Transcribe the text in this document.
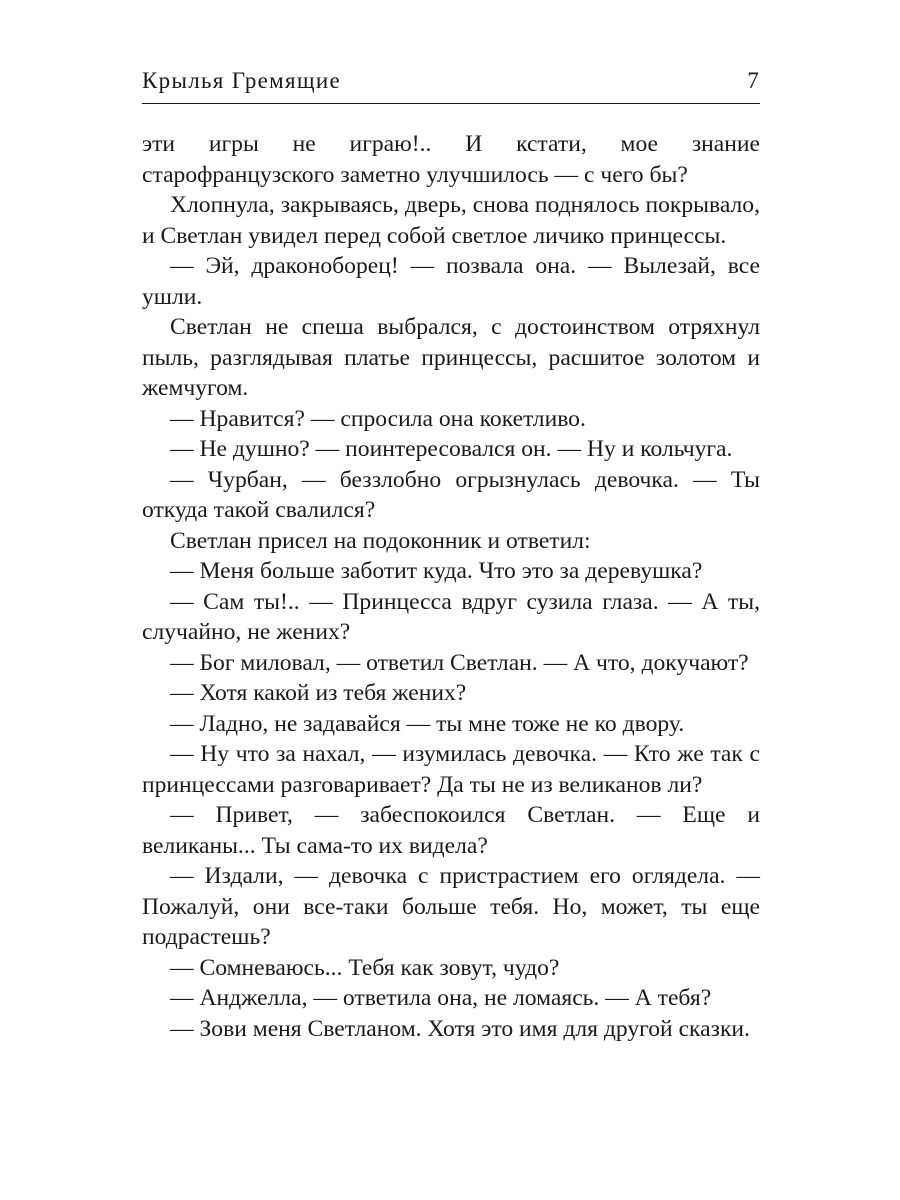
Крылья Гремящие	7

эти игры не играю!.. И кстати, мое знание старофранцузского заметно улучшилось — с чего бы?

Хлопнула, закрываясь, дверь, снова поднялось покрывало, и Светлан увидел перед собой светлое личико принцессы.

— Эй, драконоборец! — позвала она. — Вылезай, все ушли.

Светлан не спеша выбрался, с достоинством отряхнул пыль, разглядывая платье принцессы, расшитое золотом и жемчугом.

— Нравится? — спросила она кокетливо.

— Не душно? — поинтересовался он. — Ну и кольчуга.

— Чурбан, — беззлобно огрызнулась девочка. — Ты откуда такой свалился?

Светлан присел на подоконник и ответил:

— Меня больше заботит куда. Что это за деревушка?

— Сам ты!.. — Принцесса вдруг сузила глаза. — А ты, случайно, не жених?

— Бог миловал, — ответил Светлан. — А что, докучают?

— Хотя какой из тебя жених?

— Ладно, не задавайся — ты мне тоже не ко двору.

— Ну что за нахал, — изумилась девочка. — Кто же так с принцессами разговаривает? Да ты не из великанов ли?

— Привет, — забеспокоился Светлан. — Еще и великаны... Ты сама-то их видела?

— Издали, — девочка с пристрастием его оглядела. — Пожалуй, они все-таки больше тебя. Но, может, ты еще подрастешь?

— Сомневаюсь... Тебя как зовут, чудо?

— Анджелла, — ответила она, не ломаясь. — А тебя?

— Зови меня Светланом. Хотя это имя для другой сказки.
